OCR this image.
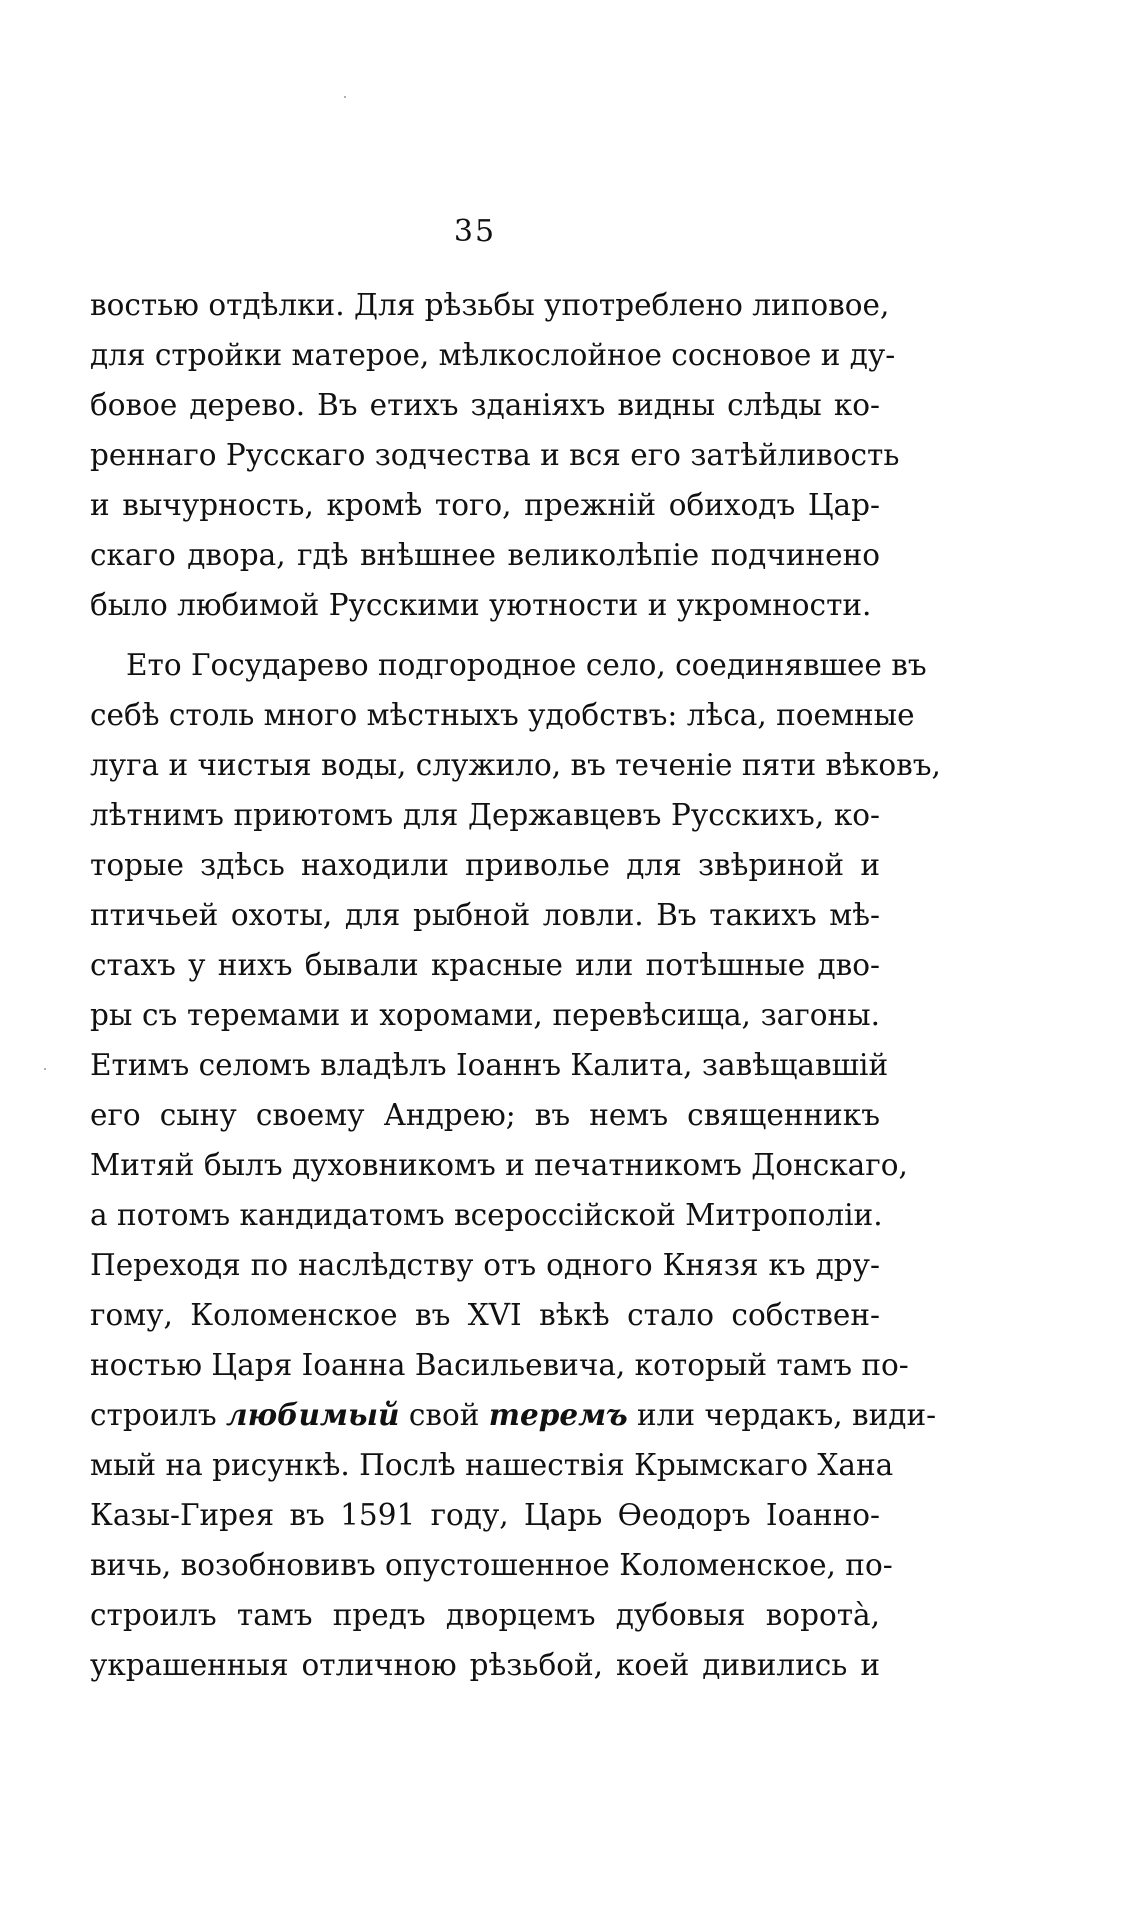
35
востью отдѣлки. Для рѣзьбы употреблено липовое,
для стройки матерое, мѣлкослойное сосновое и ду-
бовое дерево. Въ етихъ зданіяхъ видны слѣды ко-
реннаго Русскаго зодчества и вся его затѣйливость
и вычурность, кромѣ того, прежній обиходъ Цар-
скаго двора, гдѣ внѣшнее великолѣпіе подчинено
было любимой Русскими уютности и укромности.
Ето Государево подгородное село, соединявшее въ
себѣ столь много мѣстныхъ удобствъ: лѣса, поемные
луга и чистыя воды, служило, въ теченіе пяти вѣковъ,
лѣтнимъ приютомъ для Державцевъ Русскихъ, ко-
торые здѣсь находили приволье для звѣриной и
птичьей охоты, для рыбной ловли. Въ такихъ мѣ-
стахъ у нихъ бывали красные или потѣшные дво-
ры съ теремами и хоромами, перевѣсища, загоны.
Етимъ селомъ владѣлъ Іоаннъ Калита, завѣщавшій
его сыну своему Андрею; въ немъ священникъ
Митяй былъ духовникомъ и печатникомъ Донскаго,
а потомъ кандидатомъ всероссійской Митрополіи.
Переходя по наслѣдству отъ одного Князя къ дру-
гому, Коломенское въ XVI вѣкѣ стало собствен-
ностью Царя Іоанна Васильевича, который тамъ по-
строилъ любимый свой теремъ или чердакъ, види-
мый на рисункѣ. Послѣ нашествія Крымскаго Хана
Казы-Гирея въ 1591 году, Царь Ѳеодоръ Іоанно-
вичь, возобновивъ опустошенное Коломенское, по-
строилъ тамъ предъ дворцемъ дубовыя ворота̀,
украшенныя отличною рѣзьбой, коей дивились и
